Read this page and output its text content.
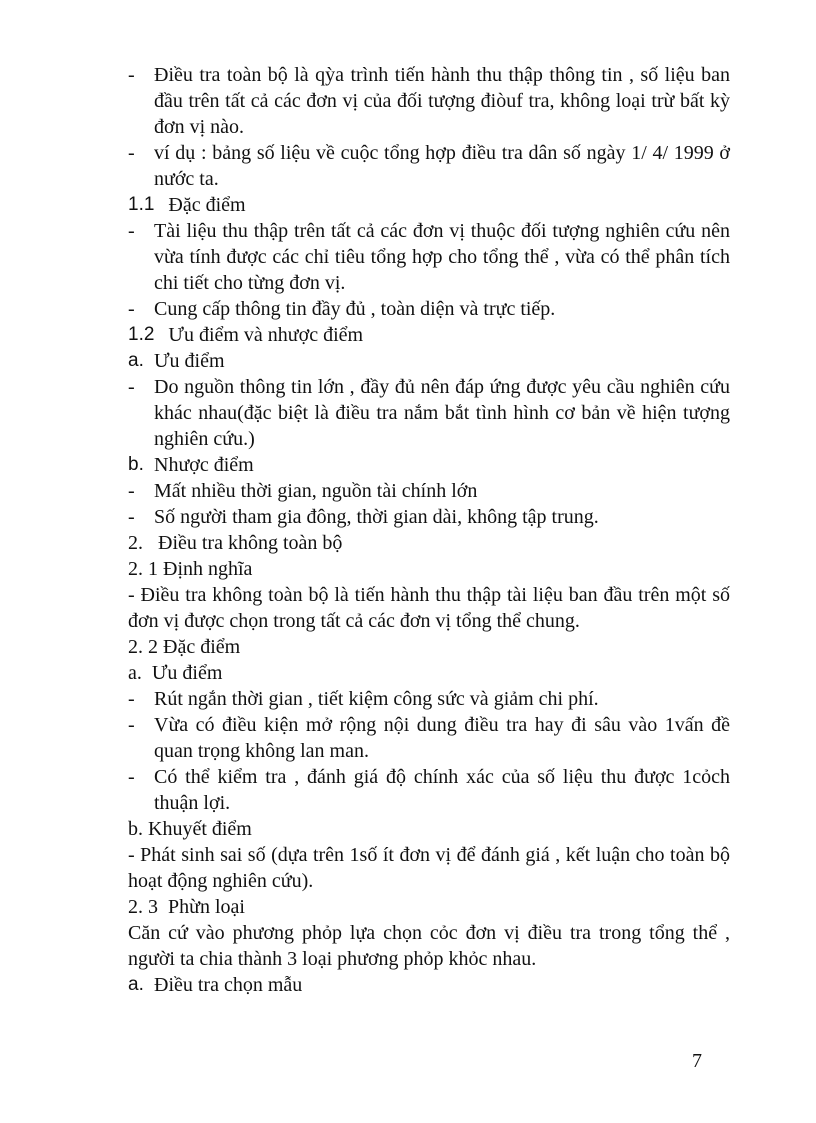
- Điều tra toàn bộ là qỳa trình tiến hành thu thập thông tin , số liệu ban đầu trên tất cả các đơn vị của đối tượng điòuf tra, không loại trừ bất kỳ đơn vị nào.
- ví dụ : bảng số liệu về cuộc tổng hợp điều tra dân số ngày 1/ 4/ 1999 ở nước ta.
1.1 Đặc điểm
- Tài liệu thu thập trên tất cả các đơn vị thuộc đối tượng nghiên cứu nên vừa tính được các chỉ tiêu tổng hợp cho tổng thể , vừa có thể phân tích chi tiết cho từng đơn vị.
- Cung cấp thông tin đầy đủ , toàn diện và trực tiếp.
1.2 Ưu điểm và nhược điểm
a. Ưu điểm
- Do nguồn thông tin lớn , đầy đủ nên đáp ứng được yêu cầu nghiên cứu khác nhau(đặc biệt là điều tra nắm bắt tình hình cơ bản về hiện tượng nghiên cứu.)
b. Nhược điểm
- Mất nhiều thời gian, nguồn tài chính lớn
- Số người tham gia đông, thời gian dài, không tập trung.
2.   Điều tra không toàn bộ
2. 1 Định nghĩa
- Điều tra không toàn bộ là tiến hành thu thập tài liệu ban đầu trên một số đơn vị được chọn trong tất cả các đơn vị tổng thể chung.
2. 2 Đặc điểm
a.  Ưu điểm
- Rút ngắn thời gian , tiết kiệm công sức và giảm chi phí.
- Vừa có điều kiện mở rộng nội dung điều tra hay đi sâu vào 1vấn đề quan trọng không lan man.
- Có thể kiểm tra , đánh giá độ chính xác của số liệu thu được 1cỏch thuận lợi.
b. Khuyết điểm
- Phát sinh sai số (dựa trên 1số ít đơn vị để đánh giá , kết luận cho toàn bộ hoạt động nghiên cứu).
2. 3  Phừn loại
Căn cứ vào phương phỏp lựa chọn cỏc đơn vị điều tra trong tổng thể , người ta chia thành 3 loại phương phỏp khỏc nhau.
a. Điều tra chọn mẫu
7
